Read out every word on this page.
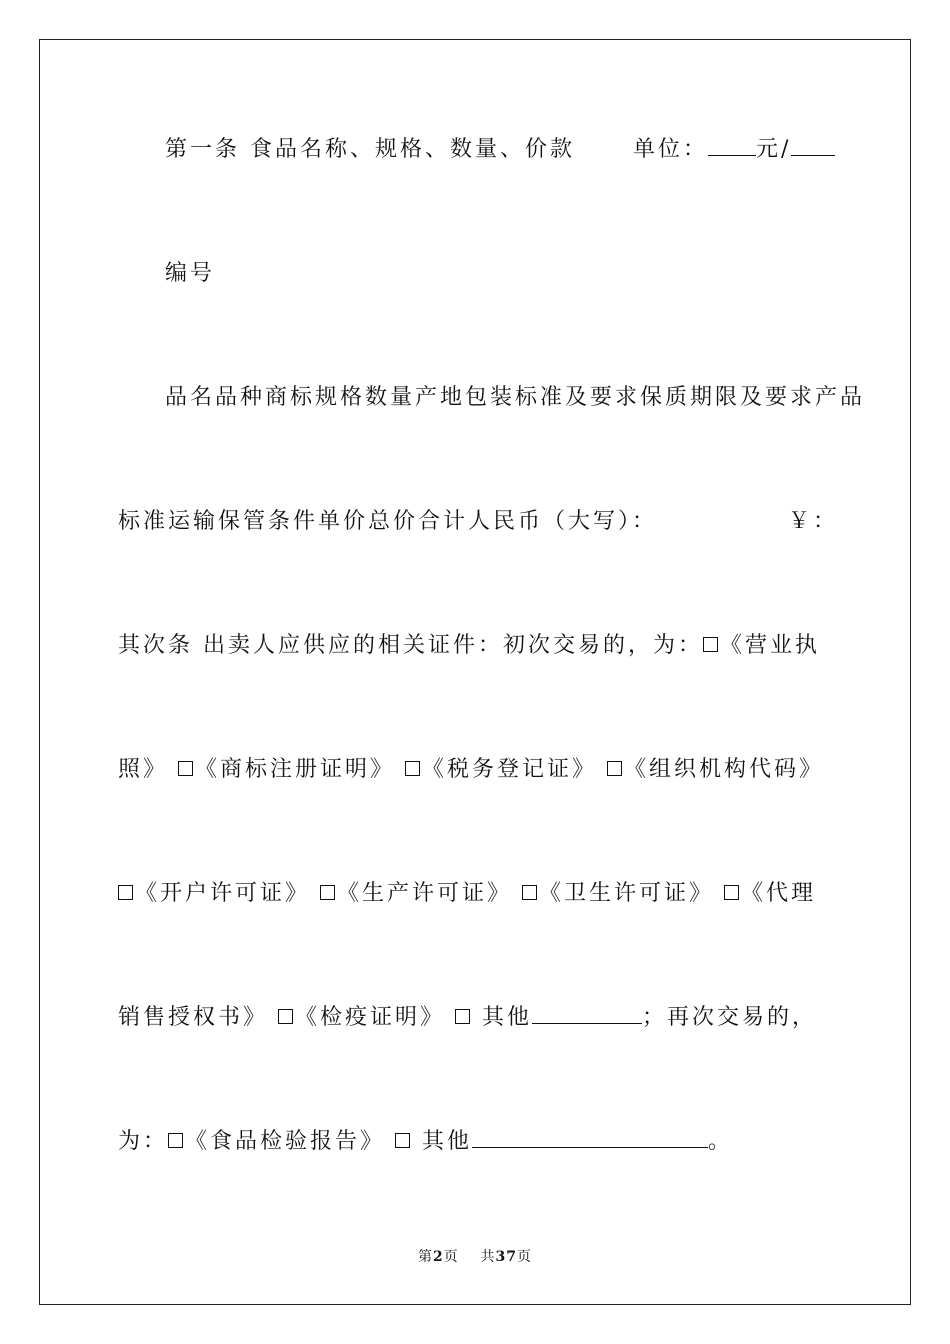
第一条 食品名称、规格、数量、价款	单位： 元/
编号
品名品种商标规格数量产地包装标准及要求保质期限及要求产品
标准运输保管条件单价总价合计人民币（大写）：	￥：
其次条 出卖人应供应的相关证件：初次交易的，为： 《营业执
照》 《商标注册证明》 《税务登记证》 《组织机构代码》
《开户许可证》 《生产许可证》 《卫生许可证》 《代理
销售授权书》 《检疫证明》 其他	；再次交易的，
为： 《食品检验报告》 其他	。
第2页 共37页
